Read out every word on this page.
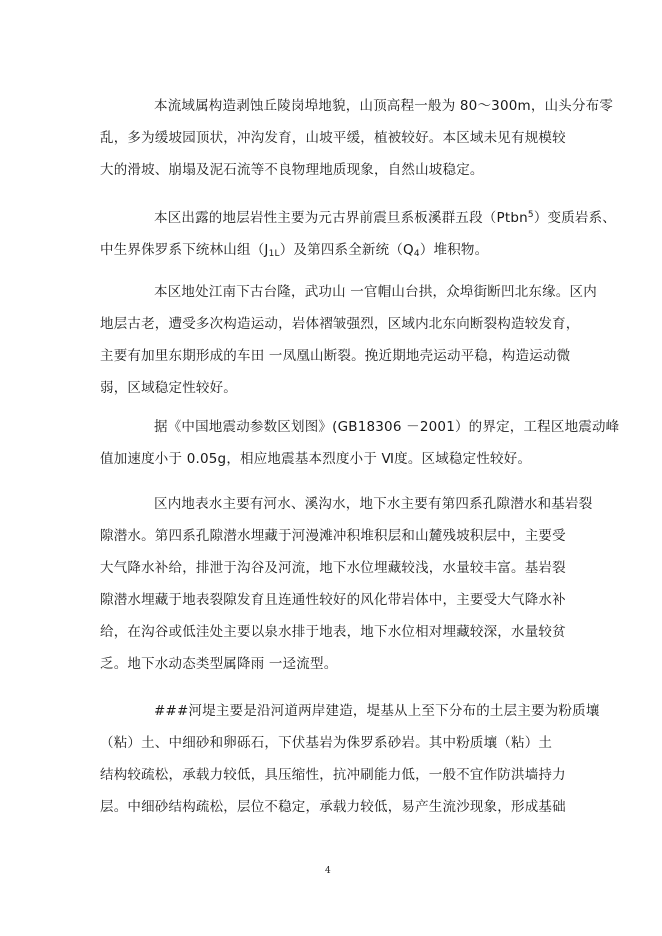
本流域属构造剥蚀丘陵岗埠地貌，山顶高程一般为 80～300m，山头分布零
乱，多为缓坡园顶状，冲沟发育，山坡平缓，植被较好。本区域未见有规模较
大的滑坡、崩塌及泥石流等不良物理地质现象，自然山坡稳定。

本区出露的地层岩性主要为元古界前震旦系板溪群五段（Ptbn$^5$）变质岩系、
中生界侏罗系下统林山组$(J_{1L})$及第四系全新统$(Q_4)$堆积物。

本区地处江南下古台隆，武功山 一官帽山台拱，众埠街断凹北东缘。区内
地层古老，遭受多次构造运动，岩体褶皱强烈，区域内北东向断裂构造较发育，
主要有加里东期形成的车田 一凤凰山断裂。挽近期地壳运动平稳，构造运动微
弱，区域稳定性较好。

据《中国地震动参数区划图》(GB18306 －2001）的界定，工程区地震动峰
值加速度小于 0.05g，相应地震基本烈度小于 Ⅵ度。区域稳定性较好。

区内地表水主要有河水、溪沟水，地下水主要有第四系孔隙潜水和基岩裂
隙潜水。第四系孔隙潜水埋藏于河漫滩冲积堆积层和山麓残坡积层中，主要受
大气降水补给，排泄于沟谷及河流，地下水位埋藏较浅，水量较丰富。基岩裂
隙潜水埋藏于地表裂隙发育且连通性较好的风化带岩体中，主要受大气降水补
给，在沟谷或低洼处主要以泉水排于地表，地下水位相对埋藏较深，水量较贫
乏。地下水动态类型属降雨 一迳流型。

###河堤主要是沿河道两岸建造，堤基从上至下分布的土层主要为粉质壤
（粘）土、中细砂和卵砾石，下伏基岩为侏罗系砂岩。其中粉质壤（粘）土
结构较疏松，承载力较低，具压缩性，抗冲刷能力低，一般不宜作防洪墙持力
层。中细砂结构疏松，层位不稳定，承载力较低，易产生流沙现象，形成基础

4
